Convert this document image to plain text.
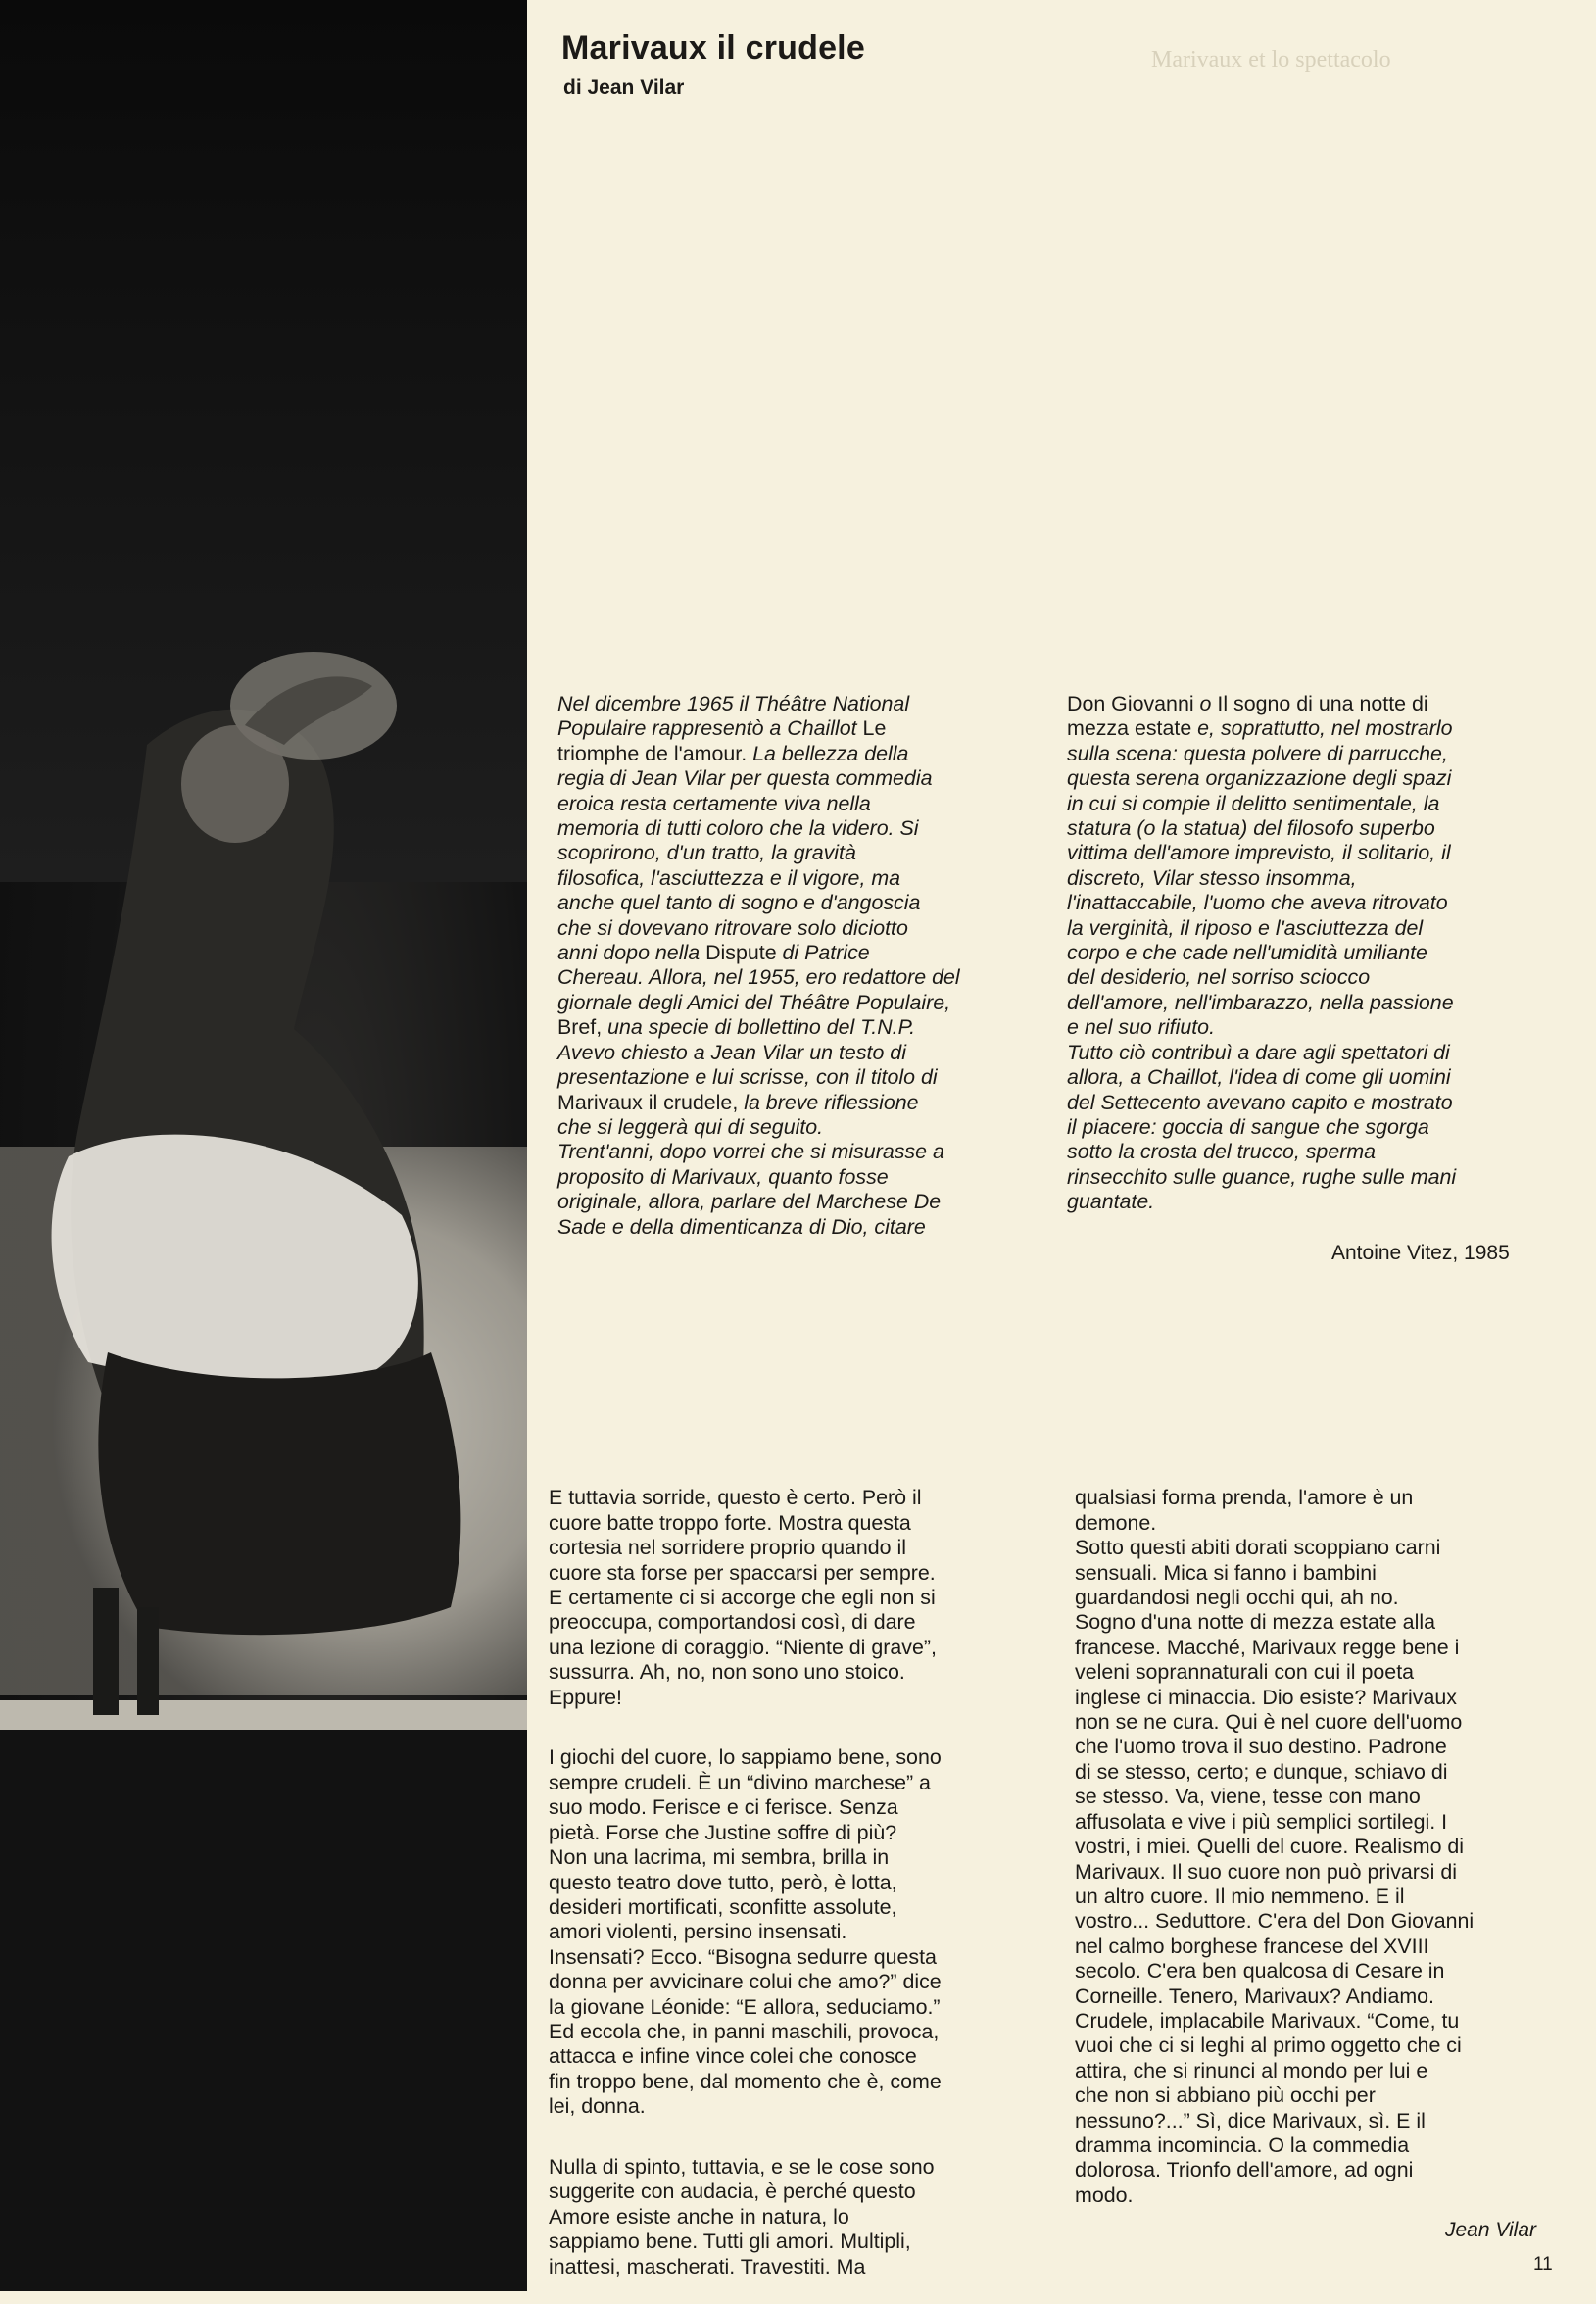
Marivaux et lo spettacolo
Marivaux il crudele
di Jean Vilar
Nel dicembre 1965 il Théâtre National
Populaire rappresentò a Chaillot Le
triomphe de l'amour. La bellezza della
regia di Jean Vilar per questa commedia
eroica resta certamente viva nella
memoria di tutti coloro che la videro. Si
scoprirono, d'un tratto, la gravità
filosofica, l'asciuttezza e il vigore, ma
anche quel tanto di sogno e d'angoscia
che si dovevano ritrovare solo diciotto
anni dopo nella Dispute di Patrice
Chereau. Allora, nel 1955, ero redattore del
giornale degli Amici del Théâtre Populaire,
Bref, una specie di bollettino del T.N.P.
Avevo chiesto a Jean Vilar un testo di
presentazione e lui scrisse, con il titolo di
Marivaux il crudele, la breve riflessione
che si leggerà qui di seguito.
Trent'anni, dopo vorrei che si misurasse a
proposito di Marivaux, quanto fosse
originale, allora, parlare del Marchese De
Sade e della dimenticanza di Dio, citare
Don Giovanni o Il sogno di una notte di
mezza estate e, soprattutto, nel mostrarlo
sulla scena: questa polvere di parrucche,
questa serena organizzazione degli spazi
in cui si compie il delitto sentimentale, la
statura (o la statua) del filosofo superbo
vittima dell'amore imprevisto, il solitario, il
discreto, Vilar stesso insomma,
l'inattaccabile, l'uomo che aveva ritrovato
la verginità, il riposo e l'asciuttezza del
corpo e che cade nell'umidità umiliante
del desiderio, nel sorriso sciocco
dell'amore, nell'imbarazzo, nella passione
e nel suo rifiuto.
Tutto ciò contribuì a dare agli spettatori di
allora, a Chaillot, l'idea di come gli uomini
del Settecento avevano capito e mostrato
il piacere: goccia di sangue che sgorga
sotto la crosta del trucco, sperma
rinsecchito sulle guance, rughe sulle mani
guantate.
Antoine Vitez, 1985

E tuttavia sorride, questo è certo. Però il
cuore batte troppo forte. Mostra questa
cortesia nel sorridere proprio quando il
cuore sta forse per spaccarsi per sempre.
E certamente ci si accorge che egli non si
preoccupa, comportandosi così, di dare
una lezione di coraggio. “Niente di grave”,
sussurra. Ah, no, non sono uno stoico.
Eppure!

I giochi del cuore, lo sappiamo bene, sono
sempre crudeli. È un “divino marchese” a
suo modo. Ferisce e ci ferisce. Senza
pietà. Forse che Justine soffre di più?
Non una lacrima, mi sembra, brilla in
questo teatro dove tutto, però, è lotta,
desideri mortificati, sconfitte assolute,
amori violenti, persino insensati.
Insensati? Ecco. “Bisogna sedurre questa
donna per avvicinare colui che amo?” dice
la giovane Léonide: “E allora, seduciamo.”
Ed eccola che, in panni maschili, provoca,
attacca e infine vince colei che conosce
fin troppo bene, dal momento che è, come
lei, donna.

Nulla di spinto, tuttavia, e se le cose sono
suggerite con audacia, è perché questo
Amore esiste anche in natura, lo
sappiamo bene. Tutti gli amori. Multipli,
inattesi, mascherati. Travestiti. Ma

qualsiasi forma prenda, l'amore è un
demone.
Sotto questi abiti dorati scoppiano carni
sensuali. Mica si fanno i bambini
guardandosi negli occhi qui, ah no.
Sogno d'una notte di mezza estate alla
francese. Macché, Marivaux regge bene i
veleni soprannaturali con cui il poeta
inglese ci minaccia. Dio esiste? Marivaux
non se ne cura. Qui è nel cuore dell'uomo
che l'uomo trova il suo destino. Padrone
di se stesso, certo; e dunque, schiavo di
se stesso. Va, viene, tesse con mano
affusolata e vive i più semplici sortilegi. I
vostri, i miei. Quelli del cuore. Realismo di
Marivaux. Il suo cuore non può privarsi di
un altro cuore. Il mio nemmeno. E il
vostro... Seduttore. C'era del Don Giovanni
nel calmo borghese francese del XVIII
secolo. C'era ben qualcosa di Cesare in
Corneille. Tenero, Marivaux? Andiamo.
Crudele, implacabile Marivaux. “Come, tu
vuoi che ci si leghi al primo oggetto che ci
attira, che si rinunci al mondo per lui e
che non si abbiano più occhi per
nessuno?...” Sì, dice Marivaux, sì. E il
dramma incomincia. O la commedia
dolorosa. Trionfo dell'amore, ad ogni
modo.

Jean Vilar
11
